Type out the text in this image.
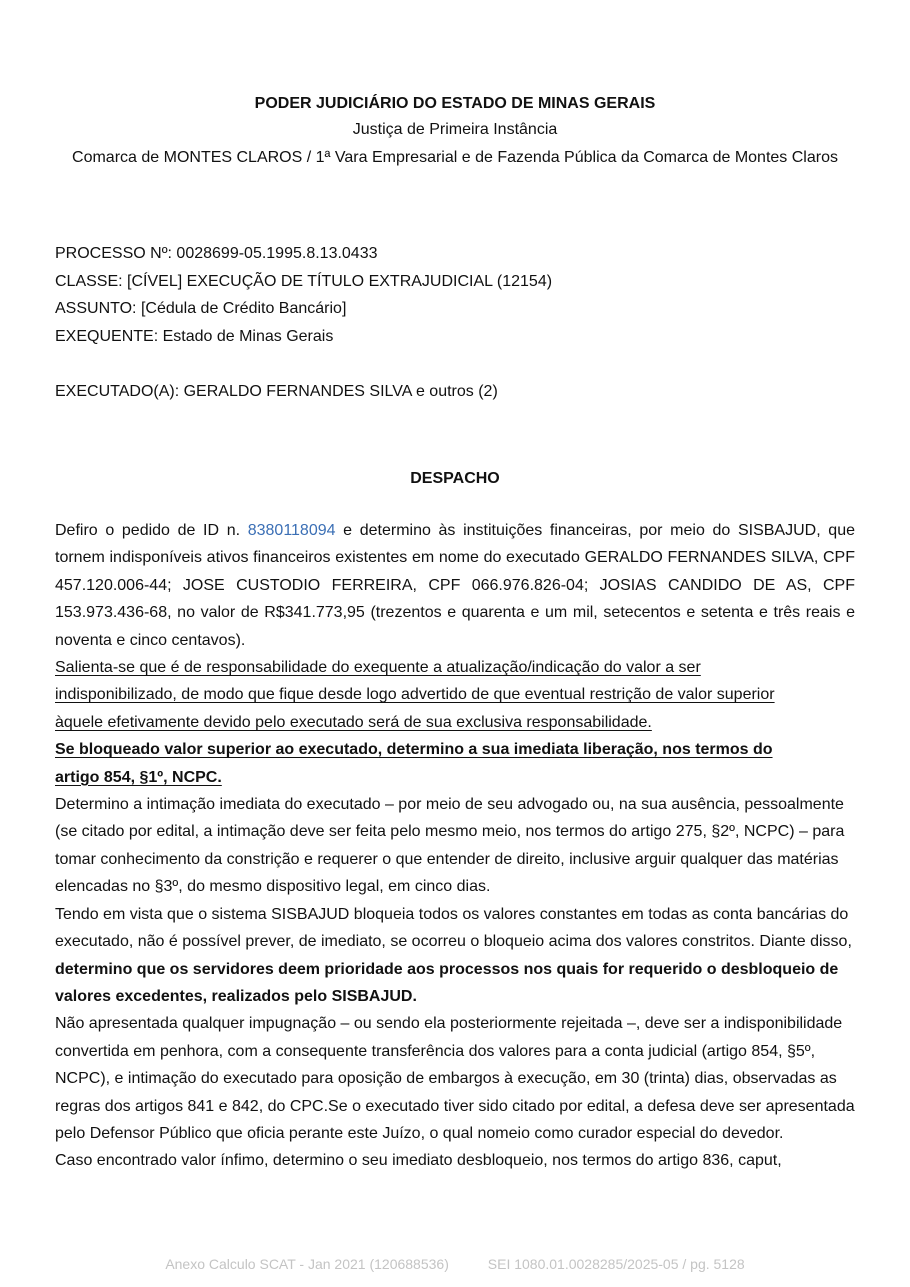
PODER JUDICIÁRIO DO ESTADO DE MINAS GERAIS

Justiça de Primeira Instância

Comarca de MONTES CLAROS / 1ª Vara Empresarial e de Fazenda Pública da Comarca de Montes Claros

PROCESSO Nº: 0028699-05.1995.8.13.0433

CLASSE: [CÍVEL] EXECUÇÃO DE TÍTULO EXTRAJUDICIAL (12154)

ASSUNTO: [Cédula de Crédito Bancário]

EXEQUENTE: Estado de Minas Gerais

EXECUTADO(A): GERALDO FERNANDES SILVA e outros (2)

DESPACHO

Defiro o pedido de ID n. 8380118094 e determino às instituições financeiras, por meio do SISBAJUD, que tornem indisponíveis ativos financeiros existentes em nome do executado GERALDO FERNANDES SILVA, CPF 457.120.006-44; JOSE CUSTODIO FERREIRA, CPF 066.976.826-04; JOSIAS CANDIDO DE AS, CPF 153.973.436-68, no valor de R$341.773,95 (trezentos e quarenta e um mil, setecentos e setenta e três reais e noventa e cinco centavos).

Salienta-se que é de responsabilidade do exequente a atualização/indicação do valor a ser
indisponibilizado, de modo que fique desde logo advertido de que eventual restrição de valor superior
àquele efetivamente devido pelo executado será de sua exclusiva responsabilidade.

Se bloqueado valor superior ao executado, determino a sua imediata liberação, nos termos do
artigo 854, §1º, NCPC.

Determino a intimação imediata do executado – por meio de seu advogado ou, na sua ausência, pessoalmente (se citado por edital, a intimação deve ser feita pelo mesmo meio, nos termos do artigo 275, §2º, NCPC) – para tomar conhecimento da constrição e requerer o que entender de direito, inclusive arguir qualquer das matérias elencadas no §3º, do mesmo dispositivo legal, em cinco dias.

Tendo em vista que o sistema SISBAJUD bloqueia todos os valores constantes em todas as conta bancárias do executado, não é possível prever, de imediato, se ocorreu o bloqueio acima dos valores constritos. Diante disso, determino que os servidores deem prioridade aos processos nos quais for requerido o desbloqueio de valores excedentes, realizados pelo SISBAJUD.

Não apresentada qualquer impugnação – ou sendo ela posteriormente rejeitada –, deve ser a indisponibilidade convertida em penhora, com a consequente transferência dos valores para a conta judicial (artigo 854, §5º, NCPC), e intimação do executado para oposição de embargos à execução, em 30 (trinta) dias, observadas as regras dos artigos 841 e 842, do CPC.Se o executado tiver sido citado por edital, a defesa deve ser apresentada pelo Defensor Público que oficia perante este Juízo, o qual nomeio como curador especial do devedor.

Caso encontrado valor ínfimo, determino o seu imediato desbloqueio, nos termos do artigo 836, caput,

Anexo Calculo SCAT - Jan 2021 (120688536)	SEI 1080.01.0028285/2025-05 / pg. 5128
